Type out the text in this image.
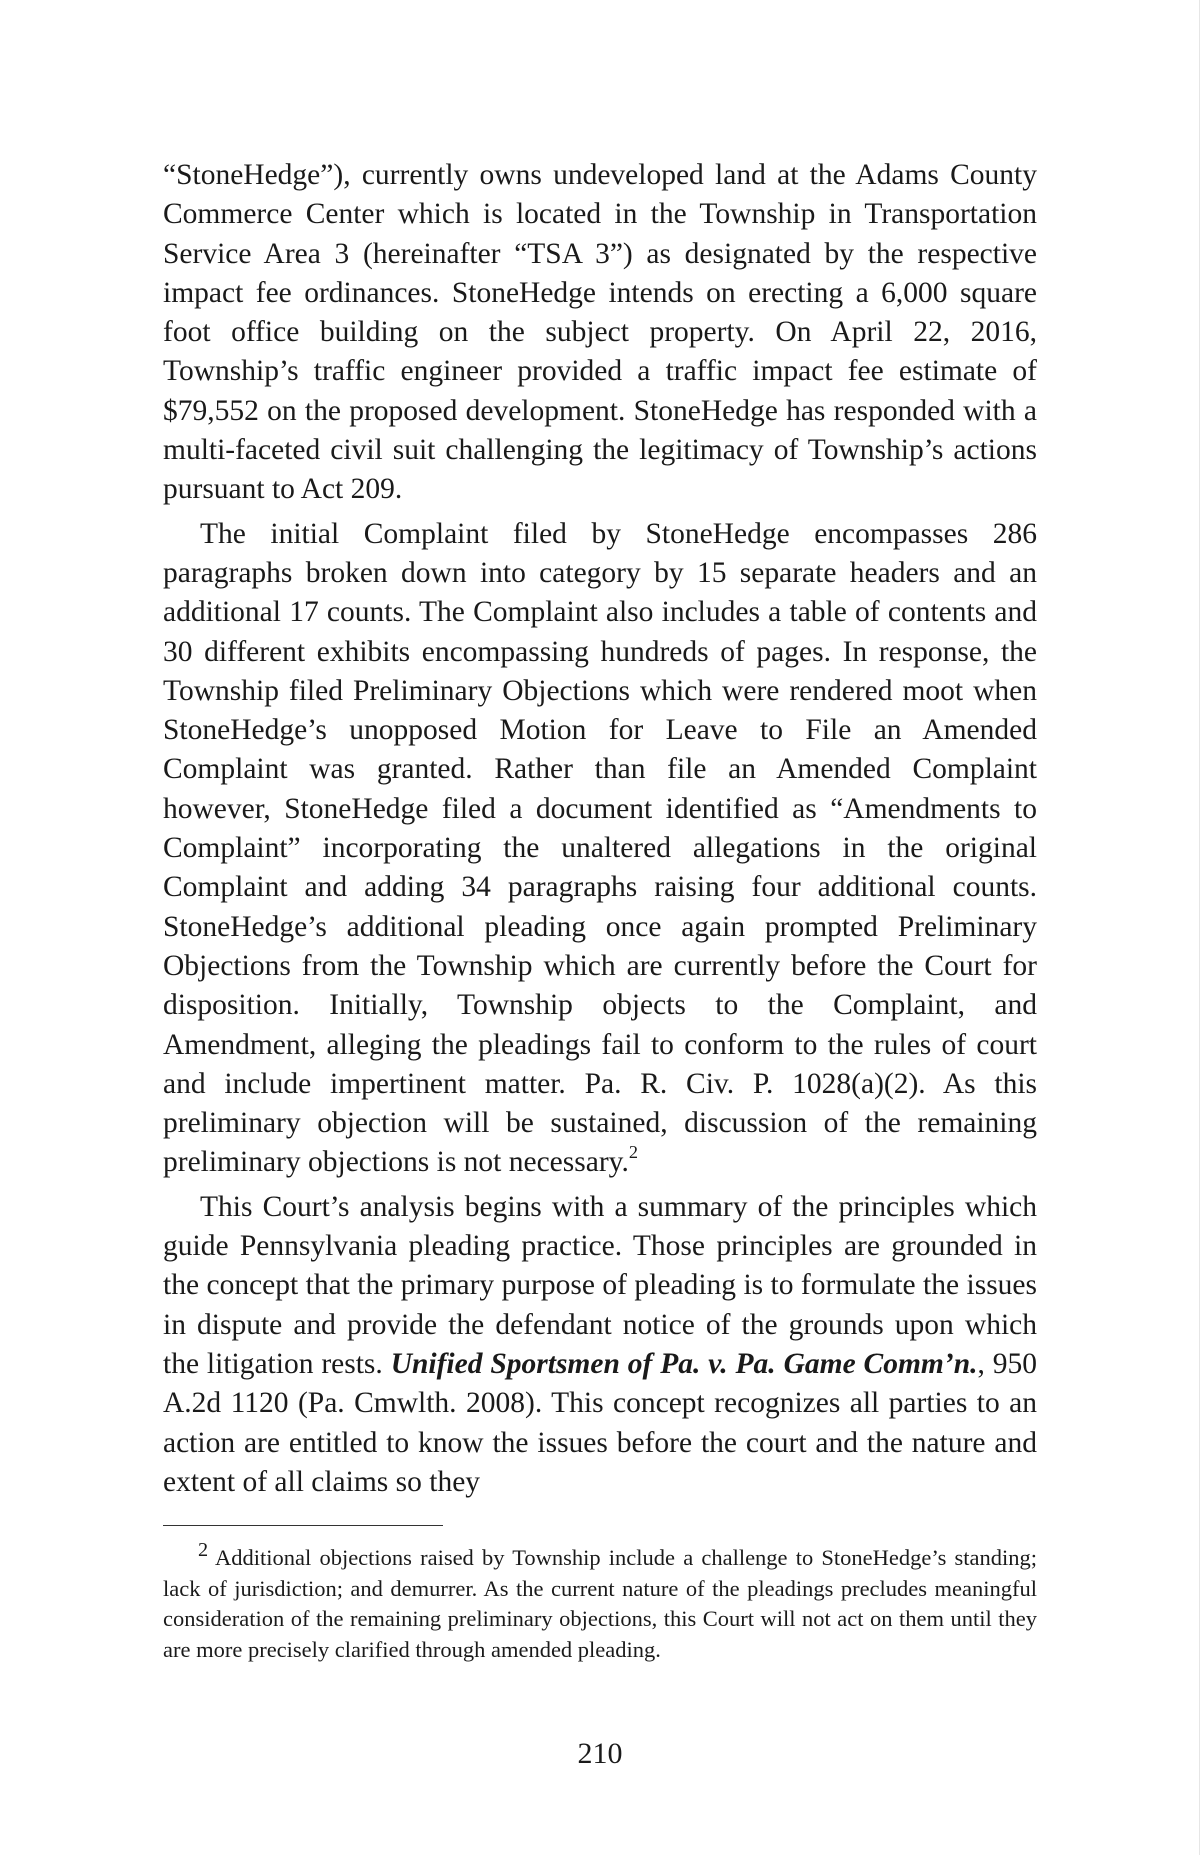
“StoneHedge”), currently owns undeveloped land at the Adams County Commerce Center which is located in the Township in Transportation Service Area 3 (hereinafter “TSA 3”) as designated by the respective impact fee ordinances. StoneHedge intends on erecting a 6,000 square foot office building on the subject property. On April 22, 2016, Township’s traffic engineer provided a traffic impact fee estimate of $79,552 on the proposed development. StoneHedge has responded with a multi-faceted civil suit challenging the legitimacy of Township’s actions pursuant to Act 209.

The initial Complaint filed by StoneHedge encompasses 286 paragraphs broken down into category by 15 separate headers and an additional 17 counts. The Complaint also includes a table of contents and 30 different exhibits encompassing hundreds of pages. In response, the Township filed Preliminary Objections which were rendered moot when StoneHedge’s unopposed Motion for Leave to File an Amended Complaint was granted. Rather than file an Amended Complaint however, StoneHedge filed a document identified as “Amendments to Complaint” incorporating the unaltered allegations in the original Complaint and adding 34 paragraphs raising four additional counts. StoneHedge’s additional pleading once again prompted Preliminary Objections from the Township which are currently before the Court for disposition. Initially, Township objects to the Complaint, and Amendment, alleging the pleadings fail to conform to the rules of court and include impertinent matter. Pa. R. Civ. P. 1028(a)(2). As this preliminary objection will be sustained, discussion of the remaining preliminary objections is not necessary.$^2$

This Court’s analysis begins with a summary of the principles which guide Pennsylvania pleading practice. Those principles are grounded in the concept that the primary purpose of pleading is to formulate the issues in dispute and provide the defendant notice of the grounds upon which the litigation rests. Unified Sportsmen of Pa. v. Pa. Game Comm’n., 950 A.2d 1120 (Pa. Cmwlth. 2008). This concept recognizes all parties to an action are entitled to know the issues before the court and the nature and extent of all claims so they

$^2$ Additional objections raised by Township include a challenge to StoneHedge’s standing; lack of jurisdiction; and demurrer. As the current nature of the pleadings precludes meaningful consideration of the remaining preliminary objections, this Court will not act on them until they are more precisely clarified through amended pleading.

210
